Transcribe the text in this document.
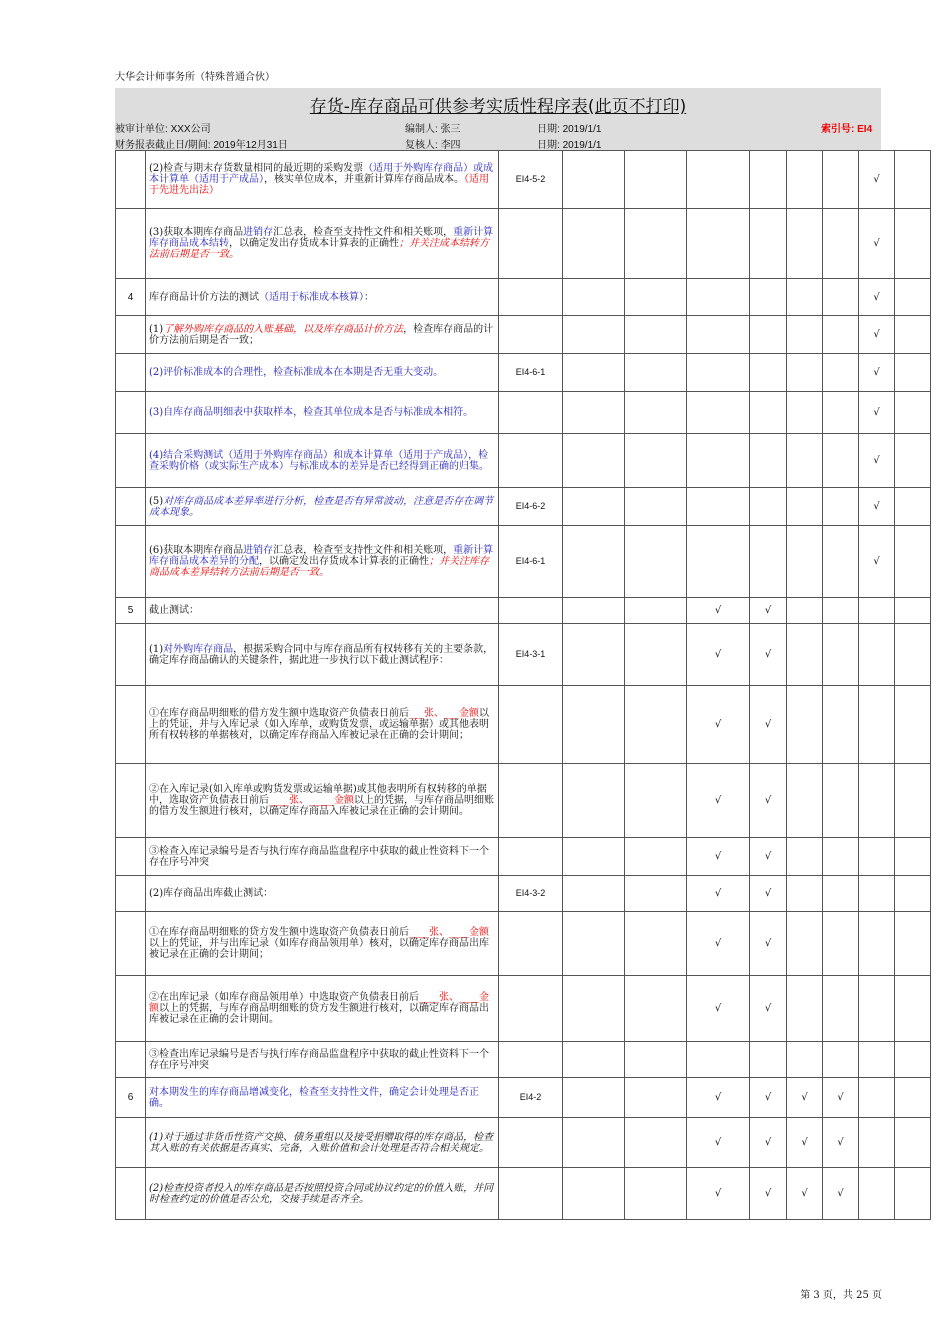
大华会计师事务所（特殊普通合伙）
存货-库存商品可供参考实质性程序表(此页不打印)
被审计单位: XXX公司
财务报表截止日/期间: 2019年12月31日
编制人: 张三
复核人: 李四
日期: 2019/1/1
日期: 2019/1/1
索引号: EI4
	(2)检查与期末存货数量相同的最近期的采购发票（适用于外购库存商品）或成本计算单（适用于产成品），核实单位成本，并重新计算库存商品成本。（适用于先进先出法）	EI4-5-2							√	
	(3)获取本期库存商品进销存汇总表，检查至支持性文件和相关账项，重新计算库存商品成本结转，以确定发出存货成本计算表的正确性；并关注成本结转方法前后期是否一致。								√	
4	库存商品计价方法的测试（适用于标准成本核算）：								√	
	(1)了解外购库存商品的入账基础，以及库存商品计价方法，检查库存商品的计价方法前后期是否一致；								√	
	(2)评价标准成本的合理性，检查标准成本在本期是否无重大变动。	EI4-6-1							√	
	(3)自库存商品明细表中获取样本，检查其单位成本是否与标准成本相符。								√	
	(4)结合采购测试（适用于外购库存商品）和成本计算单（适用于产成品），检查采购价格（或实际生产成本）与标准成本的差异是否已经得到正确的归集。								√	
	(5)对库存商品成本差异率进行分析，检查是否有异常波动，注意是否存在调节成本现象。	EI4-6-2							√	
	(6)获取本期库存商品进销存汇总表，检查至支持性文件和相关账项，重新计算库存商品成本差异的分配，以确定发出存货成本计算表的正确性；并关注库存商品成本差异结转方法前后期是否一致。	EI4-6-1							√	
5	截止测试：				√	√				
	(1)对外购库存商品，根据采购合同中与库存商品所有权转移有关的主要条款，确定库存商品确认的关键条件，据此进一步执行以下截止测试程序：	EI4-3-1			√	√				
	①在库存商品明细账的借方发生额中选取资产负债表日前后___张、___金额以上的凭证，并与入库记录（如入库单，或购货发票，或运输单据）或其他表明所有权转移的单据核对，以确定库存商品入库被记录在正确的会计期间；				√	√				
	②在入库记录(如入库单或购货发票或运输单据)或其他表明所有权转移的单据中，选取资产负债表日前后____张、_____金额以上的凭据，与库存商品明细账的借方发生额进行核对，以确定库存商品入库被记录在正确的会计期间。				√	√				
	③检查入库记录编号是否与执行库存商品监盘程序中获取的截止性资料下一个存在序号冲突				√	√				
	(2)库存商品出库截止测试：	EI4-3-2			√	√				
	①在库存商品明细账的贷方发生额中选取资产负债表日前后____张、____金额以上的凭证，并与出库记录（如库存商品领用单）核对，以确定库存商品出库被记录在正确的会计期间；				√	√				
	②在出库记录（如库存商品领用单）中选取资产负债表日前后____张、____金额以上的凭据，与库存商品明细账的贷方发生额进行核对，以确定库存商品出库被记录在正确的会计期间。				√	√				
	③检查出库记录编号是否与执行库存商品监盘程序中获取的截止性资料下一个存在序号冲突									
6	对本期发生的库存商品增减变化，检查至支持性文件，确定会计处理是否正确。	EI4-2			√	√	√	√		
	(1)对于通过非货币性资产交换、债务重组以及接受捐赠取得的库存商品，检查其入账的有关依据是否真实、完备，入账价值和会计处理是否符合相关规定。				√	√	√	√		
	(2)检查投资者投入的库存商品是否按照投资合同或协议约定的价值入账，并同时检查约定的价值是否公允，交接手续是否齐全。				√	√	√	√		
第 3 页，共 25 页
